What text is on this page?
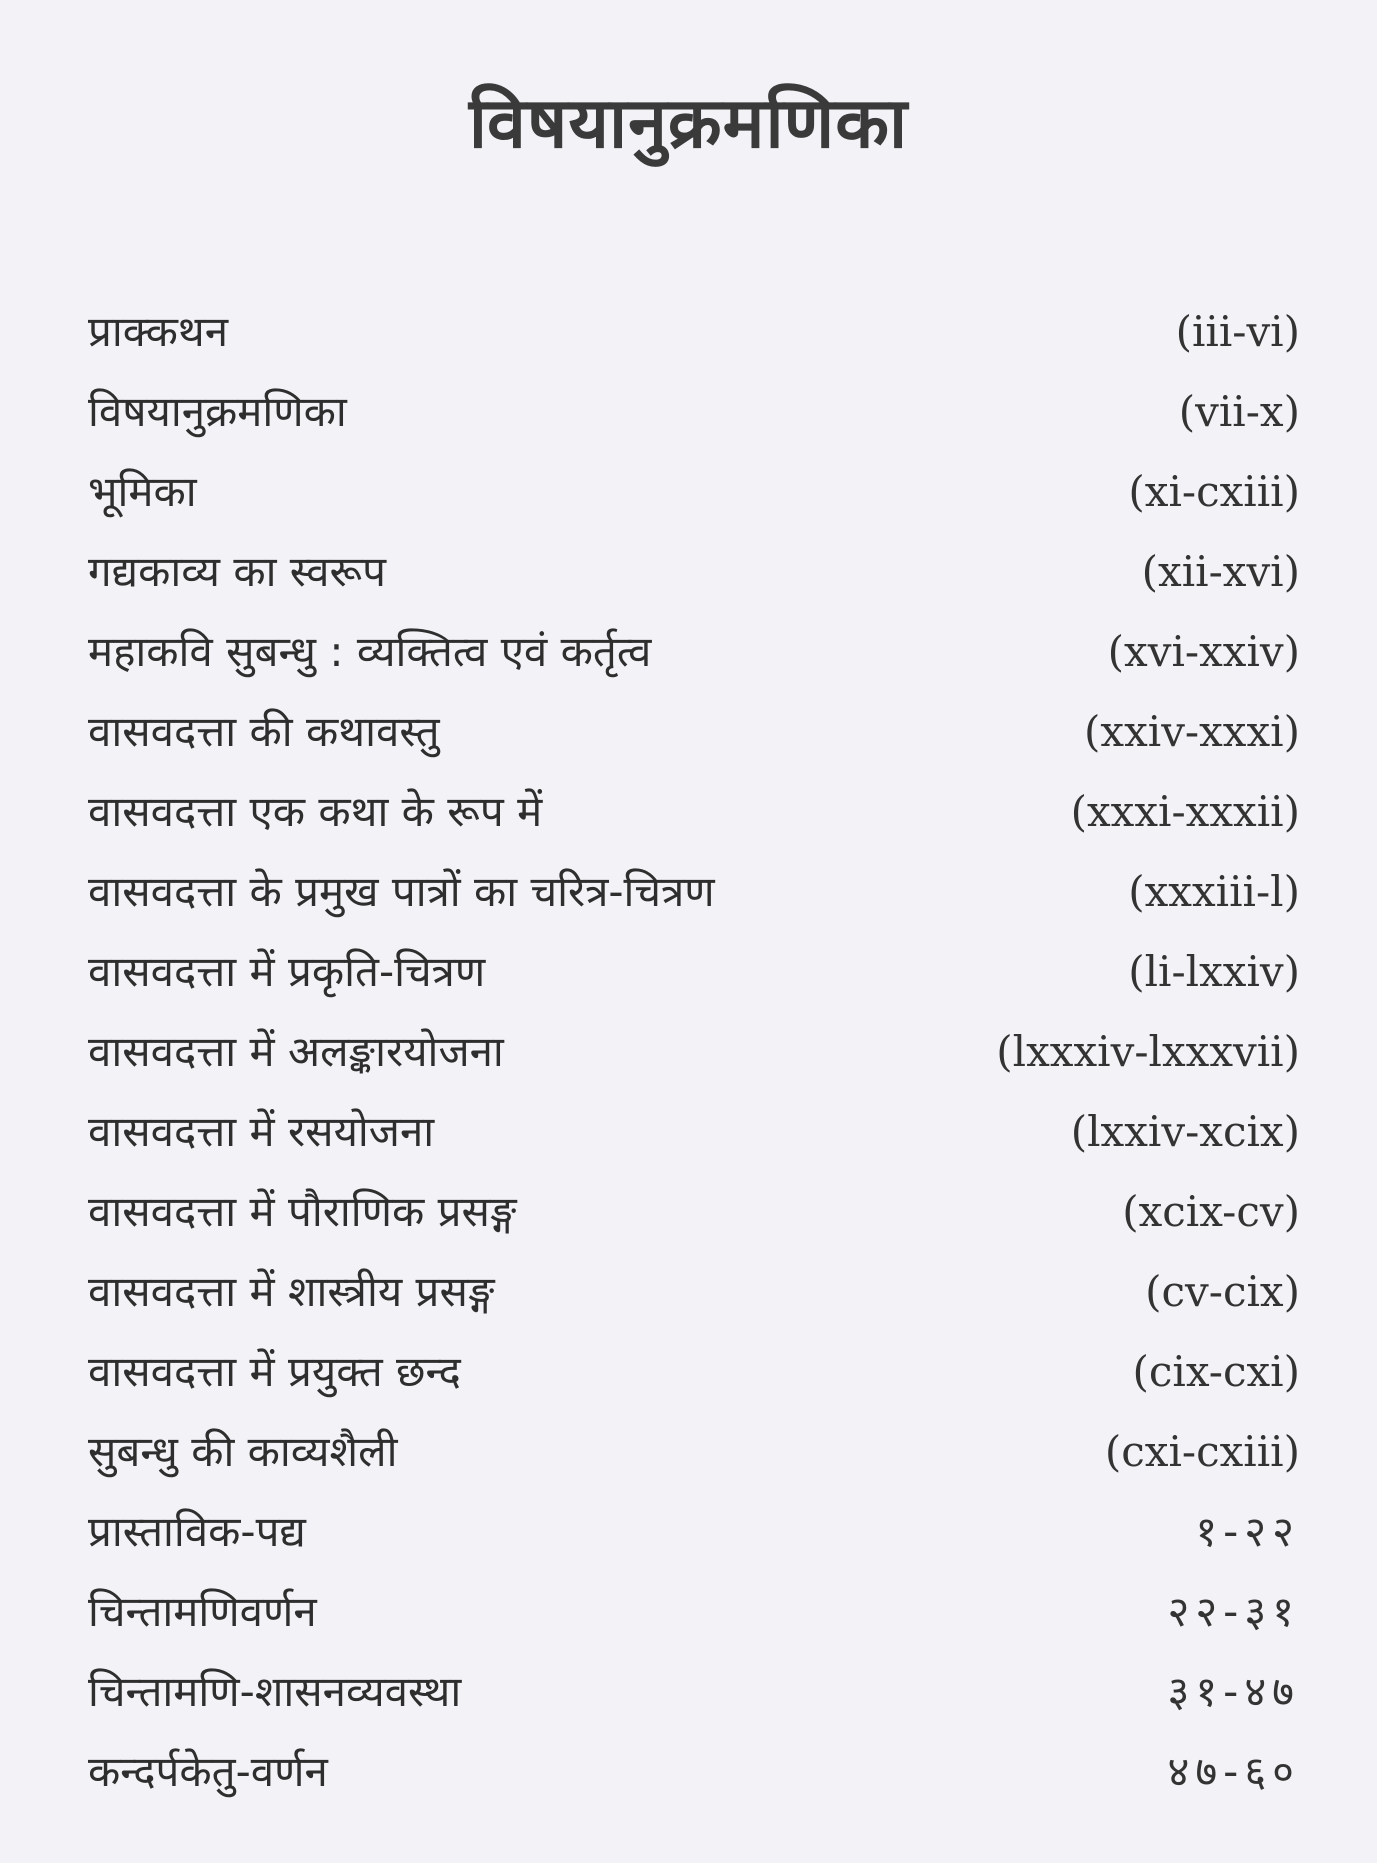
विषयानुक्रमणिका
प्राक्कथन	(iii-vi)
विषयानुक्रमणिका	(vii-x)
भूमिका	(xi-cxiii)
गद्यकाव्य का स्वरूप	(xii-xvi)
महाकवि सुबन्धु : व्यक्तित्व एवं कर्तृत्व	(xvi-xxiv)
वासवदत्ता की कथावस्तु	(xxiv-xxxi)
वासवदत्ता एक कथा के रूप में	(xxxi-xxxii)
वासवदत्ता के प्रमुख पात्रों का चरित्र-चित्रण	(xxxiii-l)
वासवदत्ता में प्रकृति-चित्रण	(li-lxxiv)
वासवदत्ता में अलङ्कारयोजना	(lxxxiv-lxxxvii)
वासवदत्ता में रसयोजना	(lxxiv-xcix)
वासवदत्ता में पौराणिक प्रसङ्ग	(xcix-cv)
वासवदत्ता में शास्त्रीय प्रसङ्ग	(cv-cix)
वासवदत्ता में प्रयुक्त छन्द	(cix-cxi)
सुबन्धु की काव्यशैली	(cxi-cxiii)
प्रास्ताविक-पद्य	१-२२
चिन्तामणिवर्णन	२२-३१
चिन्तामणि-शासनव्यवस्था	३१-४७
कन्दर्पकेतु-वर्णन	४७-६०
